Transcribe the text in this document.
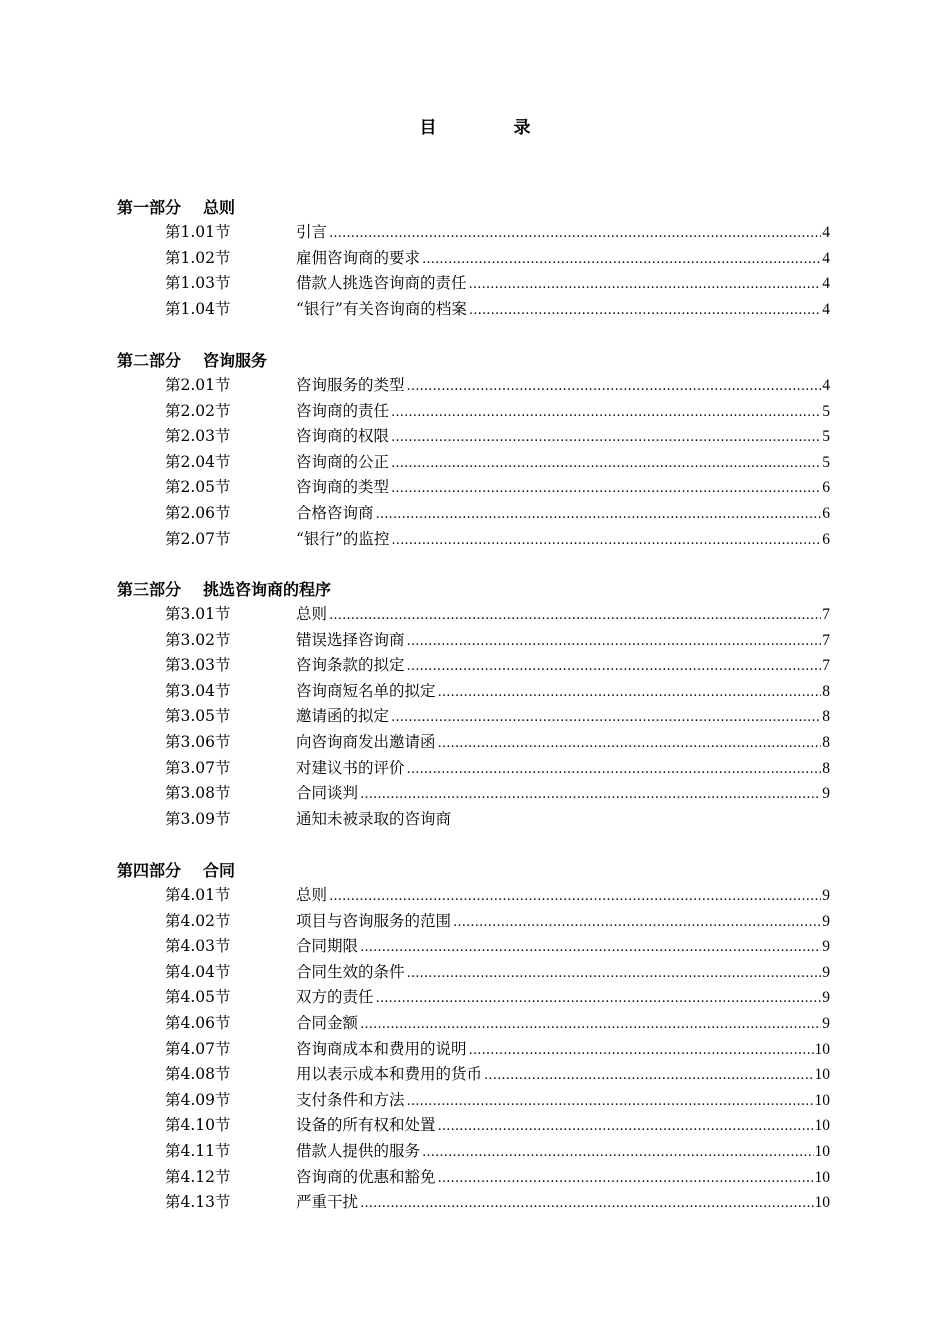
目　录
第一部分 总则
第1.01节	引言 …………………………………………………………………………………………………………………………………………	4
第1.02节	雇佣咨询商的要求 …………………………………………………………………………………………………………………………………………	4
第1.03节	借款人挑选咨询商的责任 …………………………………………………………………………………………………………………………………………	4
第1.04节	“银行”有关咨询商的档案 …………………………………………………………………………………………………………………………………………	4
第二部分 咨询服务
第2.01节	咨询服务的类型 …………………………………………………………………………………………………………………………………………	4
第2.02节	咨询商的责任 …………………………………………………………………………………………………………………………………………	5
第2.03节	咨询商的权限 …………………………………………………………………………………………………………………………………………	5
第2.04节	咨询商的公正 …………………………………………………………………………………………………………………………………………	5
第2.05节	咨询商的类型 …………………………………………………………………………………………………………………………………………	6
第2.06节	合格咨询商 …………………………………………………………………………………………………………………………………………	6
第2.07节	“银行”的监控 …………………………………………………………………………………………………………………………………………	6
第三部分 挑选咨询商的程序
第3.01节	总则 …………………………………………………………………………………………………………………………………………	7
第3.02节	错误选择咨询商 …………………………………………………………………………………………………………………………………………	7
第3.03节	咨询条款的拟定 …………………………………………………………………………………………………………………………………………	7
第3.04节	咨询商短名单的拟定 …………………………………………………………………………………………………………………………………………	8
第3.05节	邀请函的拟定 …………………………………………………………………………………………………………………………………………	8
第3.06节	向咨询商发出邀请函 …………………………………………………………………………………………………………………………………………	8
第3.07节	对建议书的评价 …………………………………………………………………………………………………………………………………………	8
第3.08节	合同谈判 …………………………………………………………………………………………………………………………………………	9
第3.09节	通知未被录取的咨询商
第四部分 合同
第4.01节	总则 …………………………………………………………………………………………………………………………………………	9
第4.02节	项目与咨询服务的范围 …………………………………………………………………………………………………………………………………………	9
第4.03节	合同期限 …………………………………………………………………………………………………………………………………………	9
第4.04节	合同生效的条件 …………………………………………………………………………………………………………………………………………	9
第4.05节	双方的责任 …………………………………………………………………………………………………………………………………………	9
第4.06节	合同金额 …………………………………………………………………………………………………………………………………………	9
第4.07节	咨询商成本和费用的说明 …………………………………………………………………………………………………………………………………………	10
第4.08节	用以表示成本和费用的货币 …………………………………………………………………………………………………………………………………………	10
第4.09节	支付条件和方法 …………………………………………………………………………………………………………………………………………	10
第4.10节	设备的所有权和处置 …………………………………………………………………………………………………………………………………………	10
第4.11节	借款人提供的服务 …………………………………………………………………………………………………………………………………………	10
第4.12节	咨询商的优惠和豁免 …………………………………………………………………………………………………………………………………………	10
第4.13节	严重干扰 …………………………………………………………………………………………………………………………………………	10
